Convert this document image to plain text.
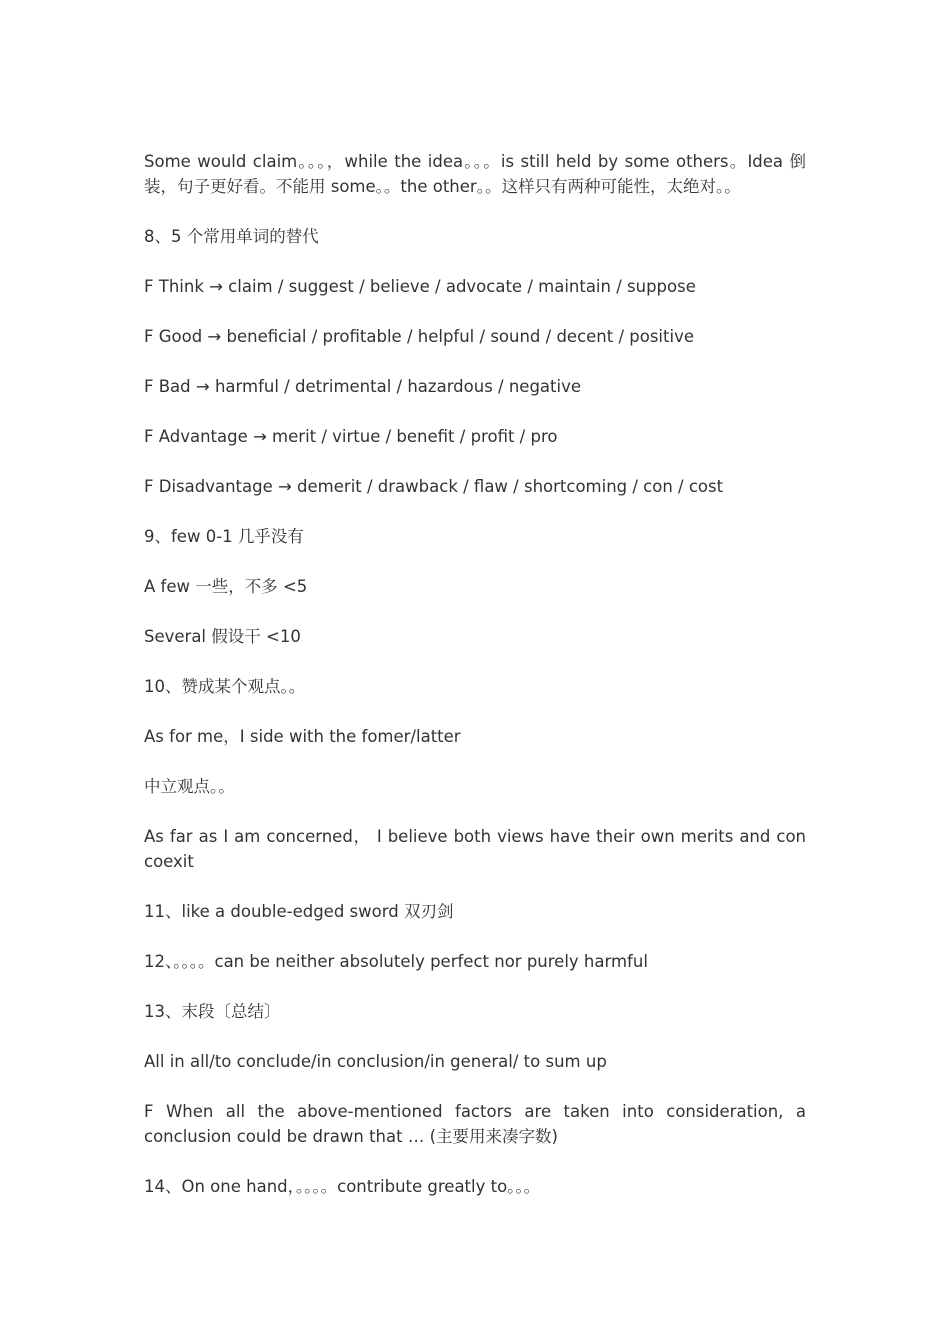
Some would claim。。。，while the idea。。。is still held by some others。Idea 倒装，句子更好看。不能用 some。。the other。。这样只有两种可能性，太绝对。。

8、5 个常用单词的替代

F Think → claim / suggest / believe / advocate / maintain / suppose

F Good → beneficial / profitable / helpful / sound / decent / positive

F Bad → harmful / detrimental / hazardous / negative

F Advantage → merit / virtue / benefit / profit / pro

F Disadvantage → demerit / drawback / flaw / shortcoming / con / cost

9、few 0-1 几乎没有

A few 一些，不多 <5

Several 假设干 <10

10、赞成某个观点。。

As for me，I side with the fomer/latter

中立观点。。

As far as I am concerned， I believe both views have their own merits and con coexit

11、like a double-edged sword 双刃剑

12、。。。。can be neither absolutely perfect nor purely harmful

13、末段〔总结〕

All in all/to conclude/in conclusion/in general/ to sum up

F When all the above-mentioned factors are taken into consideration, a conclusion could be drawn that … (主要用来凑字数)

14、On one hand，。。。。contribute greatly to。。。
